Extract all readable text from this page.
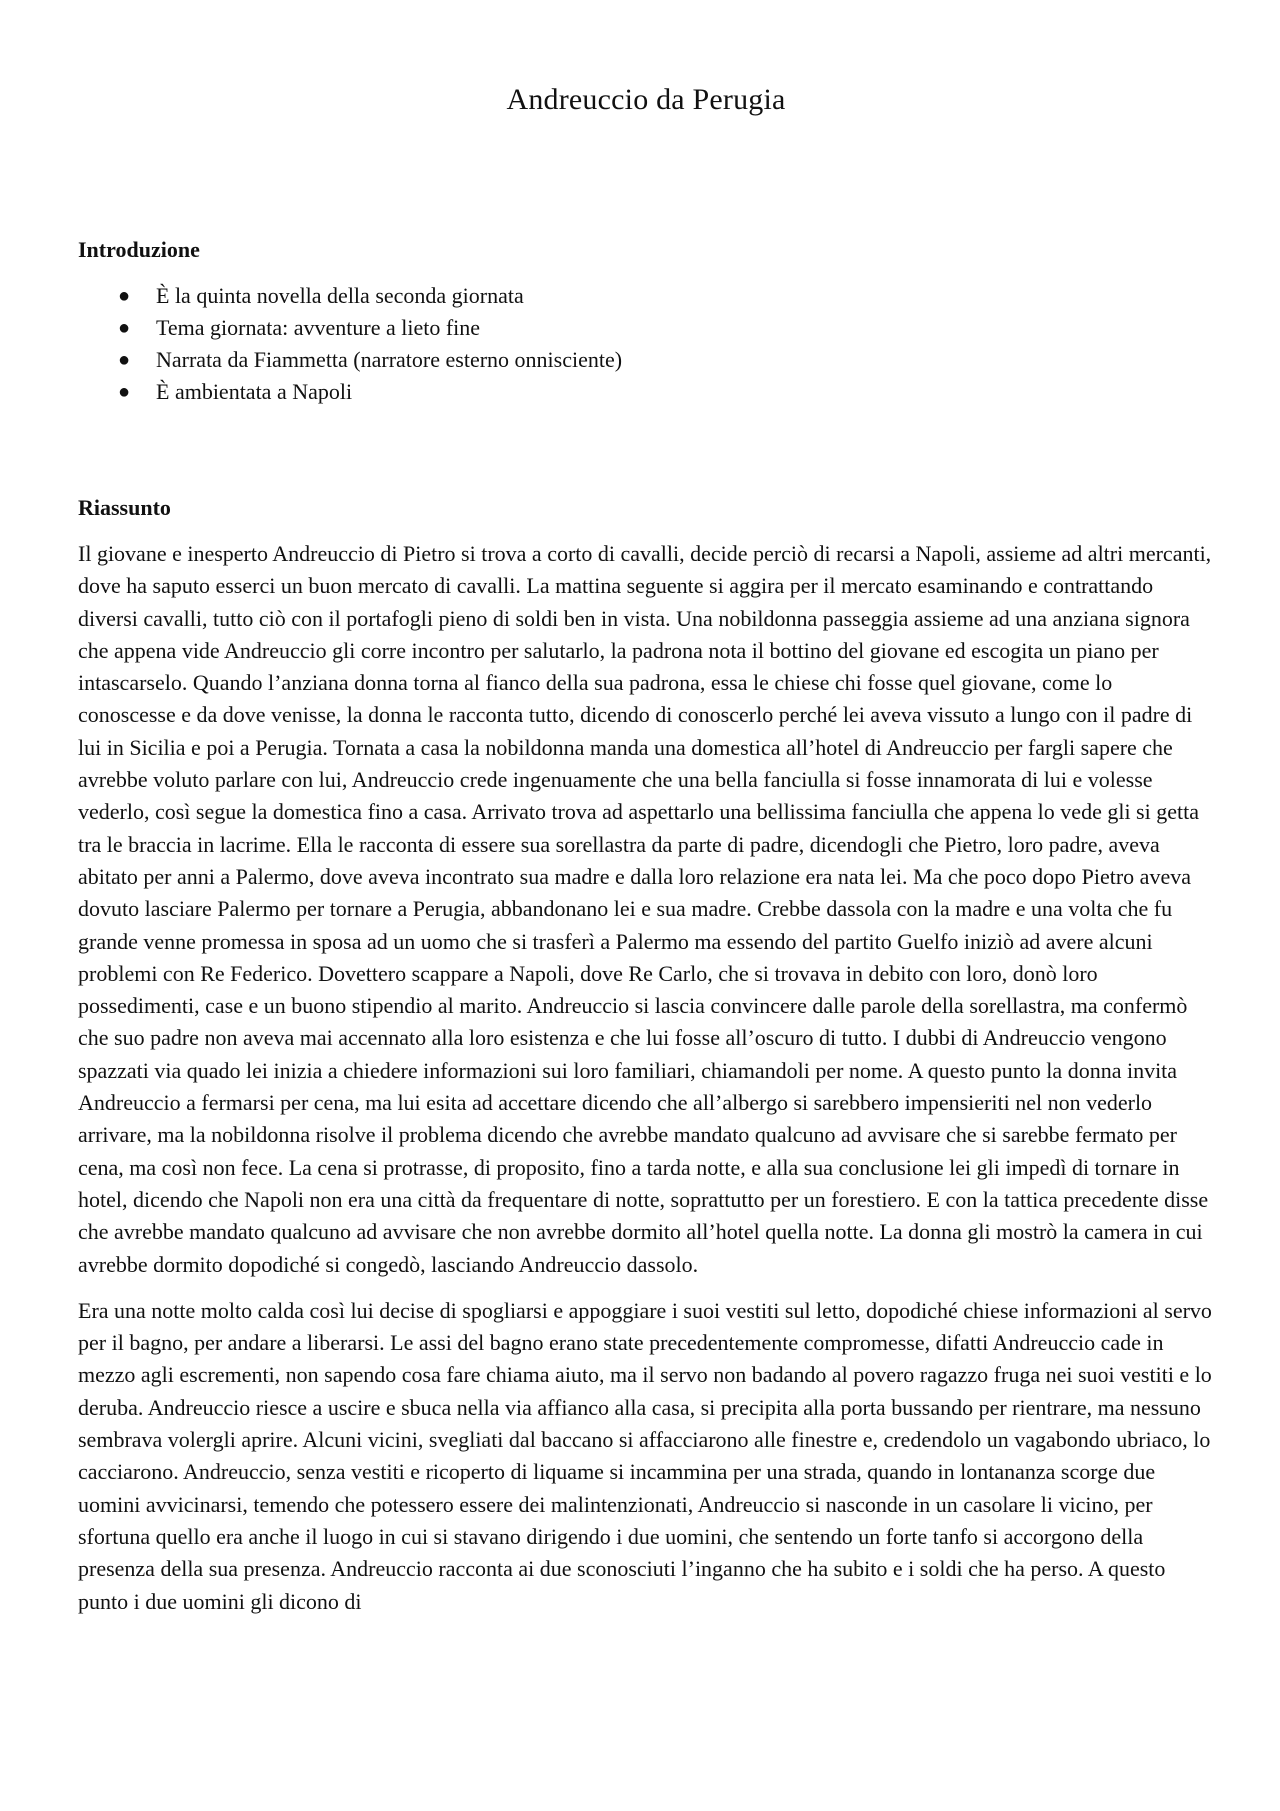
Andreuccio da Perugia
Introduzione
● È la quinta novella della seconda giornata
● Tema giornata: avventure a lieto fine
● Narrata da Fiammetta (narratore esterno onnisciente)
● È ambientata a Napoli
Riassunto

Il giovane e inesperto Andreuccio di Pietro si trova a corto di cavalli, decide perciò di recarsi a Napoli, assieme ad altri mercanti, dove ha saputo esserci un buon mercato di cavalli. La mattina seguente si aggira per il mercato esaminando e contrattando diversi cavalli, tutto ciò con il portafogli pieno di soldi ben in vista. Una nobildonna passeggia assieme ad una anziana signora che appena vide Andreuccio gli corre incontro per salutarlo, la padrona nota il bottino del giovane ed escogita un piano per intascarselo. Quando l’anziana donna torna al fianco della sua padrona, essa le chiese chi fosse quel giovane, come lo conoscesse e da dove venisse, la donna le racconta tutto, dicendo di conoscerlo perché lei aveva vissuto a lungo con il padre di lui in Sicilia e poi a Perugia. Tornata a casa la nobildonna manda una domestica all’hotel di Andreuccio per fargli sapere che avrebbe voluto parlare con lui, Andreuccio crede ingenuamente che una bella fanciulla si fosse innamorata di lui e volesse vederlo, così segue la domestica fino a casa. Arrivato trova ad aspettarlo una bellissima fanciulla che appena lo vede gli si getta tra le braccia in lacrime. Ella le racconta di essere sua sorellastra da parte di padre, dicendogli che Pietro, loro padre, aveva abitato per anni a Palermo, dove aveva incontrato sua madre e dalla loro relazione era nata lei. Ma che poco dopo Pietro aveva dovuto lasciare Palermo per tornare a Perugia, abbandonano lei e sua madre. Crebbe dassola con la madre e una volta che fu grande venne promessa in sposa ad un uomo che si trasferì a Palermo ma essendo del partito Guelfo iniziò ad avere alcuni problemi con Re Federico. Dovettero scappare a Napoli, dove Re Carlo, che si trovava in debito con loro, donò loro possedimenti, case e un buono stipendio al marito. Andreuccio si lascia convincere dalle parole della sorellastra, ma confermò che suo padre non aveva mai accennato alla loro esistenza e che lui fosse all’oscuro di tutto. I dubbi di Andreuccio vengono spazzati via quado lei inizia a chiedere informazioni sui loro familiari, chiamandoli per nome. A questo punto la donna invita Andreuccio a fermarsi per cena, ma lui esita ad accettare dicendo che all’albergo si sarebbero impensieriti nel non vederlo arrivare, ma la nobildonna risolve il problema dicendo che avrebbe mandato qualcuno ad avvisare che si sarebbe fermato per cena, ma così non fece. La cena si protrasse, di proposito, fino a tarda notte, e alla sua conclusione lei gli impedì di tornare in hotel, dicendo che Napoli non era una città da frequentare di notte, soprattutto per un forestiero. E con la tattica precedente disse che avrebbe mandato qualcuno ad avvisare che non avrebbe dormito all’hotel quella notte. La donna gli mostrò la camera in cui avrebbe dormito dopodiché si congedò, lasciando Andreuccio dassolo.

Era una notte molto calda così lui decise di spogliarsi e appoggiare i suoi vestiti sul letto, dopodiché chiese informazioni al servo per il bagno, per andare a liberarsi. Le assi del bagno erano state precedentemente compromesse, difatti Andreuccio cade in mezzo agli escrementi, non sapendo cosa fare chiama aiuto, ma il servo non badando al povero ragazzo fruga nei suoi vestiti e lo deruba. Andreuccio riesce a uscire e sbuca nella via affianco alla casa, si precipita alla porta bussando per rientrare, ma nessuno sembrava volergli aprire. Alcuni vicini, svegliati dal baccano si affacciarono alle finestre e, credendolo un vagabondo ubriaco, lo cacciarono. Andreuccio, senza vestiti e ricoperto di liquame si incammina per una strada, quando in lontananza scorge due uomini avvicinarsi, temendo che potessero essere dei malintenzionati, Andreuccio si nasconde in un casolare li vicino, per sfortuna quello era anche il luogo in cui si stavano dirigendo i due uomini, che sentendo un forte tanfo si accorgono della presenza della sua presenza. Andreuccio racconta ai due sconosciuti l’inganno che ha subito e i soldi che ha perso. A questo punto i due uomini gli dicono di
